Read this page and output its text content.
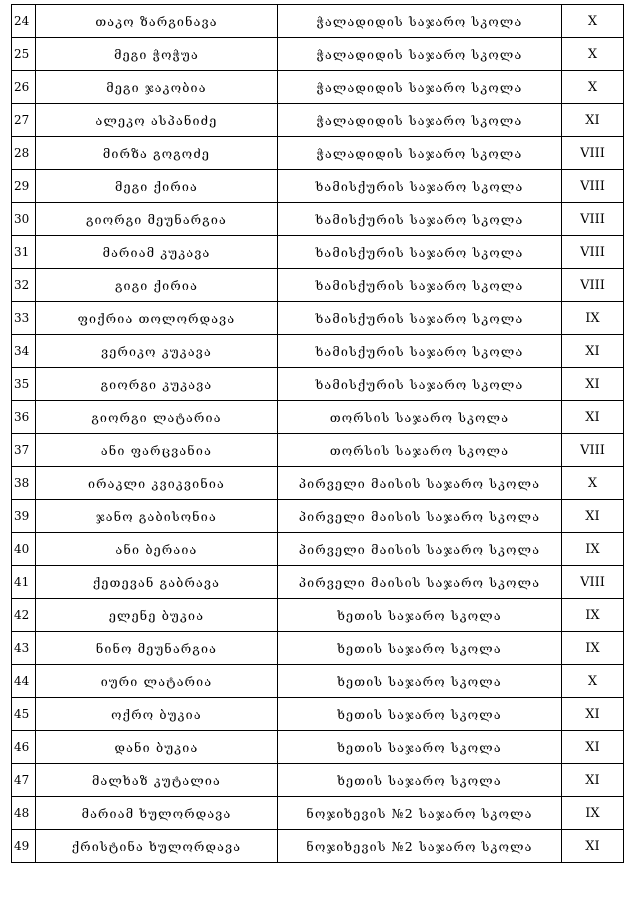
24	თაკო ზარგინავა	ჭალადიდის საჯარო სკოლა	X
25	მეგი ჭოჭუა	ჭალადიდის საჯარო სკოლა	X
26	მეგი ჯაკობია	ჭალადიდის საჯარო სკოლა	X
27	ალეკო ასპანიძე	ჭალადიდის საჯარო სკოლა	XI
28	მირზა გოგოძე	ჭალადიდის საჯარო სკოლა	VIII
29	მეგი ქირია	ხამისქურის საჯარო სკოლა	VIII
30	გიორგი მეუნარგია	ხამისქურის საჯარო სკოლა	VIII
31	მარიამ კუკავა	ხამისქურის საჯარო სკოლა	VIII
32	გიგი ქირია	ხამისქურის საჯარო სკოლა	VIII
33	ფიქრია თოლორდავა	ხამისქურის საჯარო სკოლა	IX
34	ვერიკო კუკავა	ხამისქურის საჯარო სკოლა	XI
35	გიორგი კუკავა	ხამისქურის საჯარო სკოლა	XI
36	გიორგი ლატარია	თორსის საჯარო სკოლა	XI
37	ანი ფარცვანია	თორსის საჯარო სკოლა	VIII
38	ირაკლი კვიკვინია	პირველი მაისის საჯარო სკოლა	X
39	ჯანო გაბისონია	პირველი მაისის საჯარო სკოლა	XI
40	ანი ბერაია	პირველი მაისის საჯარო სკოლა	IX
41	ქეთევან გაბრავა	პირველი მაისის საჯარო სკოლა	VIII
42	ელენე ბუკია	ხეთის საჯარო სკოლა	IX
43	ნინო მეუნარგია	ხეთის საჯარო სკოლა	IX
44	იური ლატარია	ხეთის საჯარო სკოლა	X
45	ოქრო ბუკია	ხეთის საჯარო სკოლა	XI
46	დანი ბუკია	ხეთის საჯარო სკოლა	XI
47	მალხაზ კუტალია	ხეთის საჯარო სკოლა	XI
48	მარიამ ხულორდავა	ნოჯიხევის №2 საჯარო სკოლა	IX
49	ქრისტინა ხულორდავა	ნოჯიხევის №2 საჯარო სკოლა	XI
